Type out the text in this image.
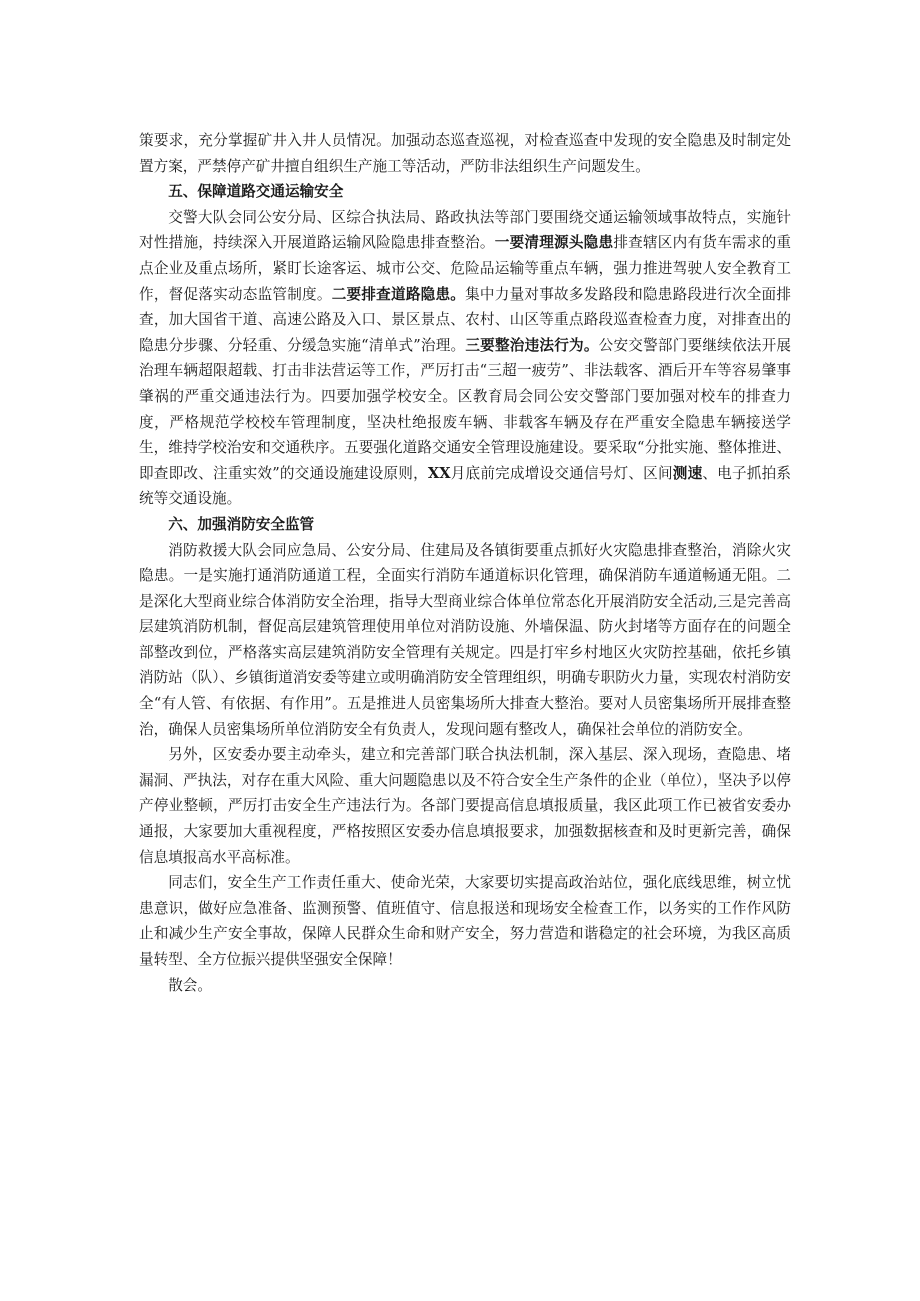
策要求，充分掌握矿井入井人员情况。加强动态巡查巡视，对检查巡查中发现的安全隐患及时制定处置方案，严禁停产矿井擅自组织生产施工等活动，严防非法组织生产问题发生。

五、保障道路交通运输安全

交警大队会同公安分局、区综合执法局、路政执法等部门要围绕交通运输领域事故特点，实施针对性措施，持续深入开展道路运输风险隐患排查整治。一要清理源头隐患排查辖区内有货车需求的重点企业及重点场所，紧盯长途客运、城市公交、危险品运输等重点车辆，强力推进驾驶人安全教育工作，督促落实动态监管制度。二要排查道路隐患。集中力量对事故多发路段和隐患路段进行次全面排查，加大国省干道、高速公路及入口、景区景点、农村、山区等重点路段巡查检查力度，对排查出的隐患分步骤、分轻重、分缓急实施“清单式”治理。三要整治违法行为。公安交警部门要继续依法开展治理车辆超限超载、打击非法营运等工作，严厉打击“三超一疲劳”、非法载客、酒后开车等容易肇事肇祸的严重交通违法行为。四要加强学校安全。区教育局会同公安交警部门要加强对校车的排查力度，严格规范学校校车管理制度，坚决杜绝报废车辆、非载客车辆及存在严重安全隐患车辆接送学生，维持学校治安和交通秩序。五要强化道路交通安全管理设施建设。要采取“分批实施、整体推进、即查即改、注重实效”的交通设施建设原则，XX月底前完成增设交通信号灯、区间测速、电子抓拍系统等交通设施。

六、加强消防安全监管

消防救援大队会同应急局、公安分局、住建局及各镇街要重点抓好火灾隐患排查整治，消除火灾隐患。一是实施打通消防通道工程，全面实行消防车通道标识化管理，确保消防车通道畅通无阻。二是深化大型商业综合体消防安全治理，指导大型商业综合体单位常态化开展消防安全活动,三是完善高层建筑消防机制，督促高层建筑管理使用单位对消防设施、外墙保温、防火封堵等方面存在的问题全部整改到位，严格落实高层建筑消防安全管理有关规定。四是打牢乡村地区火灾防控基础，依托乡镇消防站（队）、乡镇街道消安委等建立或明确消防安全管理组织，明确专职防火力量，实现农村消防安全“有人管、有依据、有作用”。五是推进人员密集场所大排查大整治。要对人员密集场所开展排查整治，确保人员密集场所单位消防安全有负责人，发现问题有整改人，确保社会单位的消防安全。

另外，区安委办要主动牵头，建立和完善部门联合执法机制，深入基层、深入现场，查隐患、堵漏洞、严执法，对存在重大风险、重大问题隐患以及不符合安全生产条件的企业（单位），坚决予以停产停业整顿，严厉打击安全生产违法行为。各部门要提高信息填报质量，我区此项工作已被省安委办通报，大家要加大重视程度，严格按照区安委办信息填报要求，加强数据核查和及时更新完善，确保信息填报高水平高标准。

同志们，安全生产工作责任重大、使命光荣，大家要切实提高政治站位，强化底线思维，树立忧患意识，做好应急准备、监测预警、值班值守、信息报送和现场安全检查工作，以务实的工作作风防止和减少生产安全事故，保障人民群众生命和财产安全，努力营造和谐稳定的社会环境，为我区高质量转型、全方位振兴提供坚强安全保障！

散会。
